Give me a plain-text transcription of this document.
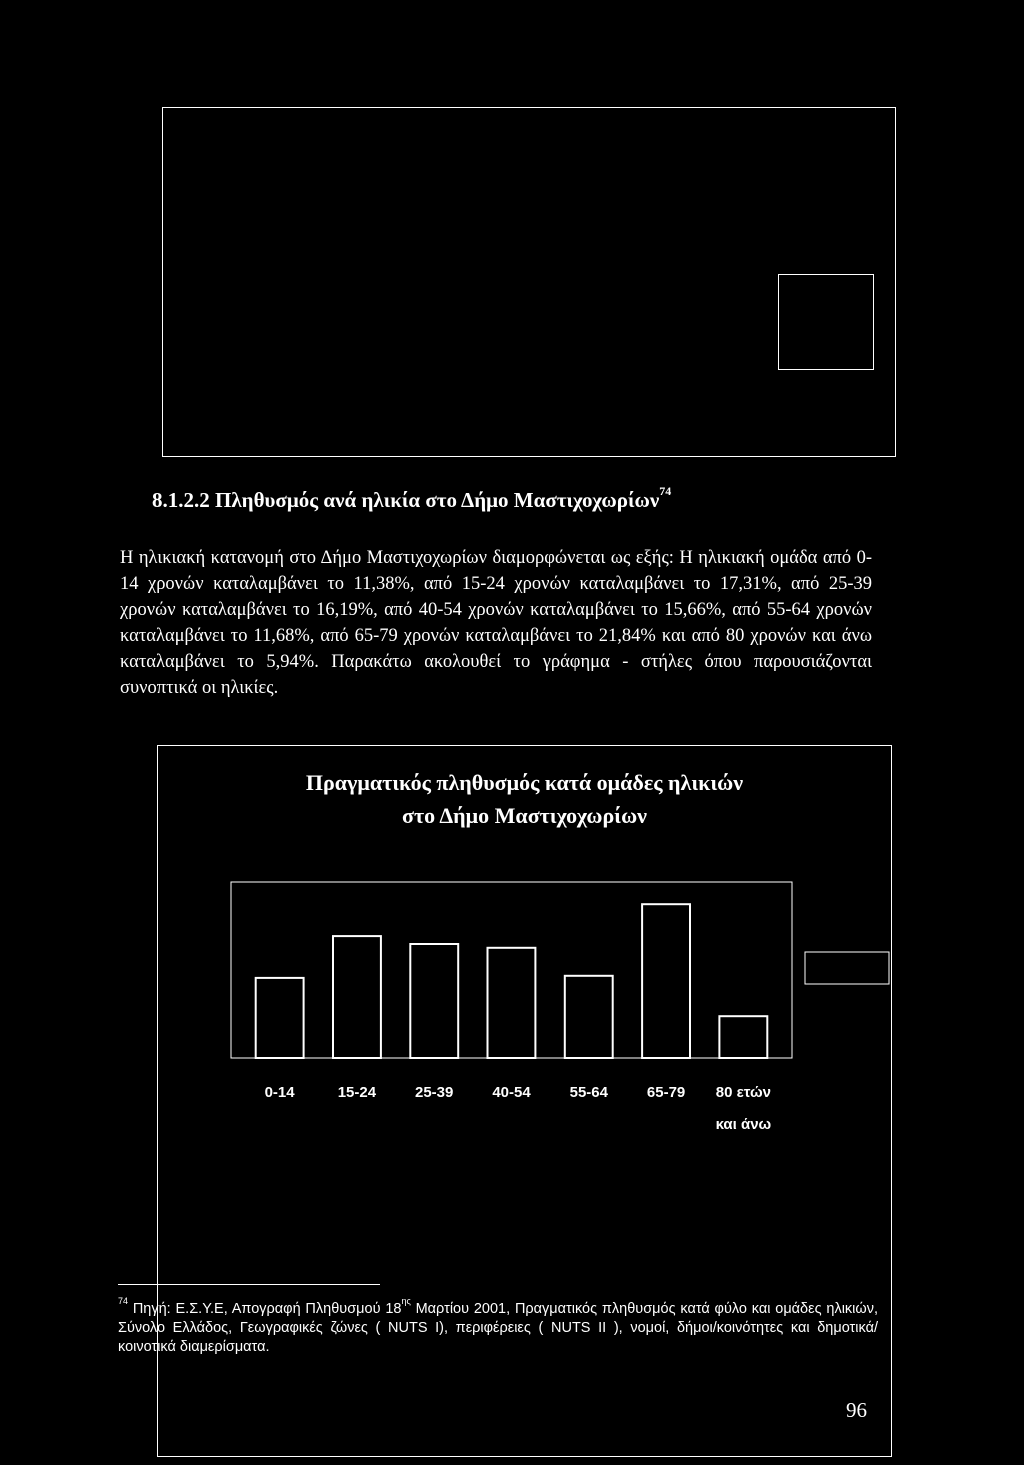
8.1.2.2 Πληθυσμός ανά ηλικία στο Δήμο Μαστιχοχωρίων$^{74}$
Η ηλικιακή κατανομή στο Δήμο Μαστιχοχωρίων διαμορφώνεται ως εξής: Η ηλικιακή ομάδα από 0-14 χρονών καταλαμβάνει το 11,38%, από 15-24 χρονών καταλαμβάνει το 17,31%, από 25-39 χρονών καταλαμβάνει το 16,19%, από 40-54 χρονών καταλαμβάνει το 15,66%, από 55-64 χρονών καταλαμβάνει το 11,68%, από 65-79 χρονών καταλαμβάνει το 21,84% και από 80 χρονών και άνω καταλαμβάνει το 5,94%. Παρακάτω ακολουθεί το γράφημα - στήλες όπου παρουσιάζονται συνοπτικά οι ηλικίες.
Πραγματικός πληθυσμός κατά ομάδες ηλικιών
στο Δήμο Μαστιχοχωρίων
0-14	15-24	25-39	40-54	55-64	65-79 80 ετών
και άνω
$^{74}$ Πηγή: Ε.Σ.Υ.Ε, Απογραφή Πληθυσμού $18^{\eta\varsigma}$ Μαρτίου 2001, Πραγματικός πληθυσμός κατά φύλο και ομάδες ηλικιών, Σύνολο Ελλάδος, Γεωγραφικές ζώνες ( NUTS I), περιφέρειες ( NUTS II ), νομοί, δήμοι/κοινότητες και δημοτικά/κοινοτικά διαμερίσματα.
96
